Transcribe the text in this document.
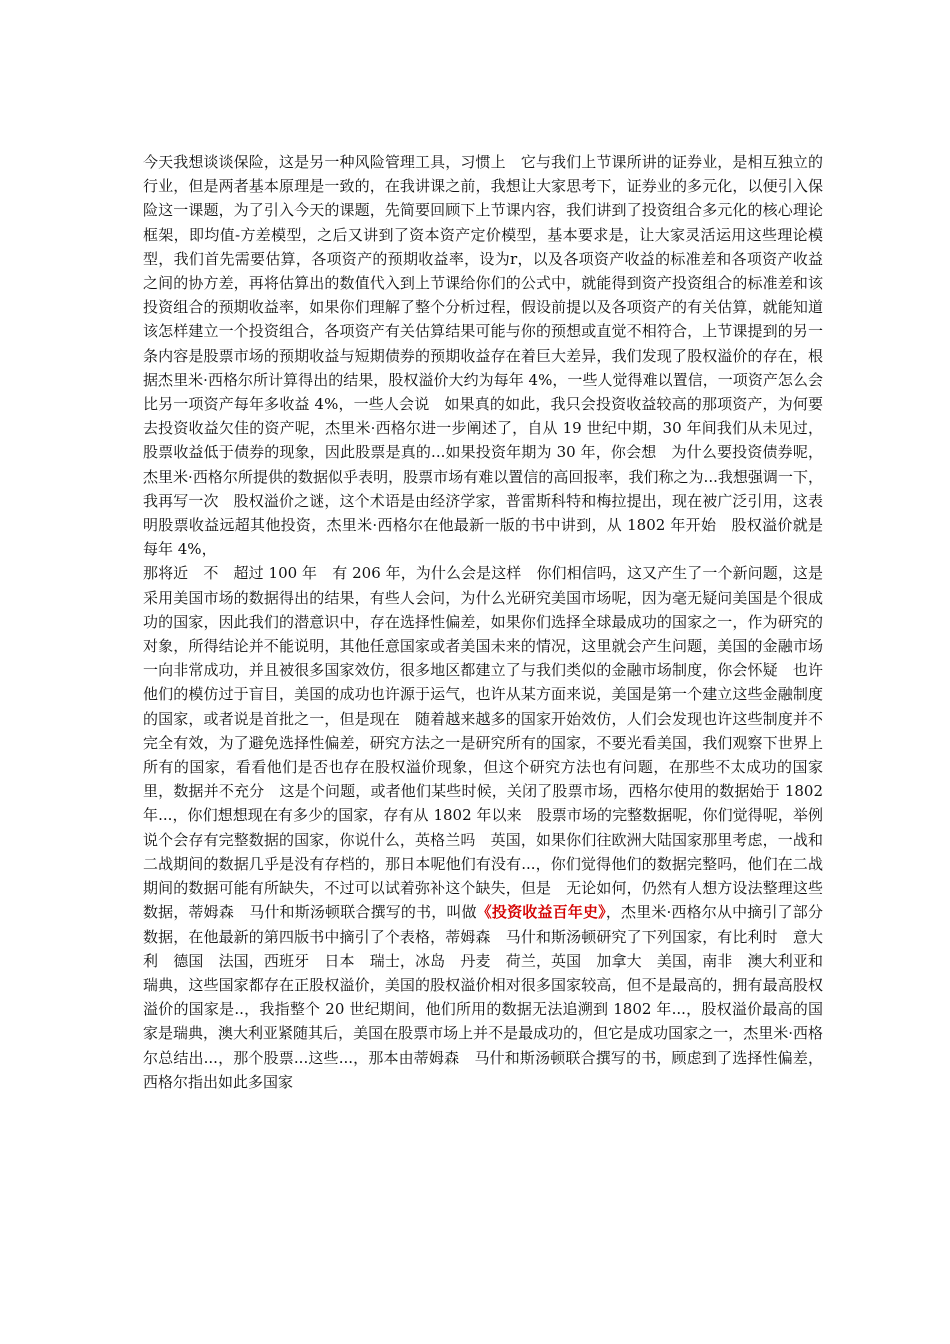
今天我想谈谈保险，这是另一种风险管理工具，习惯上　它与我们上节课所讲的证券业，是相互独立的行业，但是两者基本原理是一致的，在我讲课之前，我想让大家思考下，证券业的多元化，以便引入保险这一课题，为了引入今天的课题，先简要回顾下上节课内容，我们讲到了投资组合多元化的核心理论框架，即均值-方差模型，之后又讲到了资本资产定价模型，基本要求是，让大家灵活运用这些理论模型，我们首先需要估算，各项资产的预期收益率，设为r，以及各项资产收益的标准差和各项资产收益之间的协方差，再将估算出的数值代入到上节课给你们的公式中，就能得到资产投资组合的标准差和该投资组合的预期收益率，如果你们理解了整个分析过程，假设前提以及各项资产的有关估算，就能知道该怎样建立一个投资组合，各项资产有关估算结果可能与你的预想或直觉不相符合，上节课提到的另一条内容是股票市场的预期收益与短期债券的预期收益存在着巨大差异，我们发现了股权溢价的存在，根据杰里米·西格尔所计算得出的结果，股权溢价大约为每年 4%，一些人觉得难以置信，一项资产怎么会比另一项资产每年多收益 4%，一些人会说　如果真的如此，我只会投资收益较高的那项资产，为何要去投资收益欠佳的资产呢，杰里米·西格尔进一步阐述了，自从 19 世纪中期，30 年间我们从未见过，股票收益低于债券的现象，因此股票是真的...如果投资年期为 30 年，你会想　为什么要投资债券呢，杰里米·西格尔所提供的数据似乎表明，股票市场有难以置信的高回报率，我们称之为...我想强调一下，我再写一次　股权溢价之谜，这个术语是由经济学家，普雷斯科特和梅拉提出，现在被广泛引用，这表明股票收益远超其他投资，杰里米·西格尔在他最新一版的书中讲到，从 1802 年开始　股权溢价就是每年 4%，

那将近　不　超过 100 年　有 206 年，为什么会是这样　你们相信吗，这又产生了一个新问题，这是采用美国市场的数据得出的结果，有些人会问，为什么光研究美国市场呢，因为毫无疑问美国是个很成功的国家，因此我们的潜意识中，存在选择性偏差，如果你们选择全球最成功的国家之一，作为研究的对象，所得结论并不能说明，其他任意国家或者美国未来的情况，这里就会产生问题，美国的金融市场一向非常成功，并且被很多国家效仿，很多地区都建立了与我们类似的金融市场制度，你会怀疑　也许他们的模仿过于盲目，美国的成功也许源于运气，也许从某方面来说，美国是第一个建立这些金融制度的国家，或者说是首批之一，但是现在　随着越来越多的国家开始效仿，人们会发现也许这些制度并不完全有效，为了避免选择性偏差，研究方法之一是研究所有的国家，不要光看美国，我们观察下世界上所有的国家，看看他们是否也存在股权溢价现象，但这个研究方法也有问题，在那些不太成功的国家里，数据并不充分　这是个问题，或者他们某些时候，关闭了股票市场，西格尔使用的数据始于 1802 年...，你们想想现在有多少的国家，存有从 1802 年以来　股票市场的完整数据呢，你们觉得呢，举例说个会存有完整数据的国家，你说什么，英格兰吗　英国，如果你们往欧洲大陆国家那里考虑，一战和二战期间的数据几乎是没有存档的，那日本呢他们有没有...，你们觉得他们的数据完整吗，他们在二战期间的数据可能有所缺失，不过可以试着弥补这个缺失，但是　无论如何，仍然有人想方设法整理这些数据，蒂姆森　马什和斯汤顿联合撰写的书，叫做《投资收益百年史》，杰里米·西格尔从中摘引了部分数据，在他最新的第四版书中摘引了个表格，蒂姆森　马什和斯汤顿研究了下列国家，有比利时　意大利　德国　法国，西班牙　日本　瑞士，冰岛　丹麦　荷兰，英国　加拿大　美国，南非　澳大利亚和瑞典，这些国家都存在正股权溢价，美国的股权溢价相对很多国家较高，但不是最高的，拥有最高股权溢价的国家是..，我指整个 20 世纪期间，他们所用的数据无法追溯到 1802 年...，股权溢价最高的国家是瑞典，澳大利亚紧随其后，美国在股票市场上并不是最成功的，但它是成功国家之一，杰里米·西格尔总结出...，那个股票...这些...，那本由蒂姆森　马什和斯汤顿联合撰写的书，顾虑到了选择性偏差，西格尔指出如此多国家
